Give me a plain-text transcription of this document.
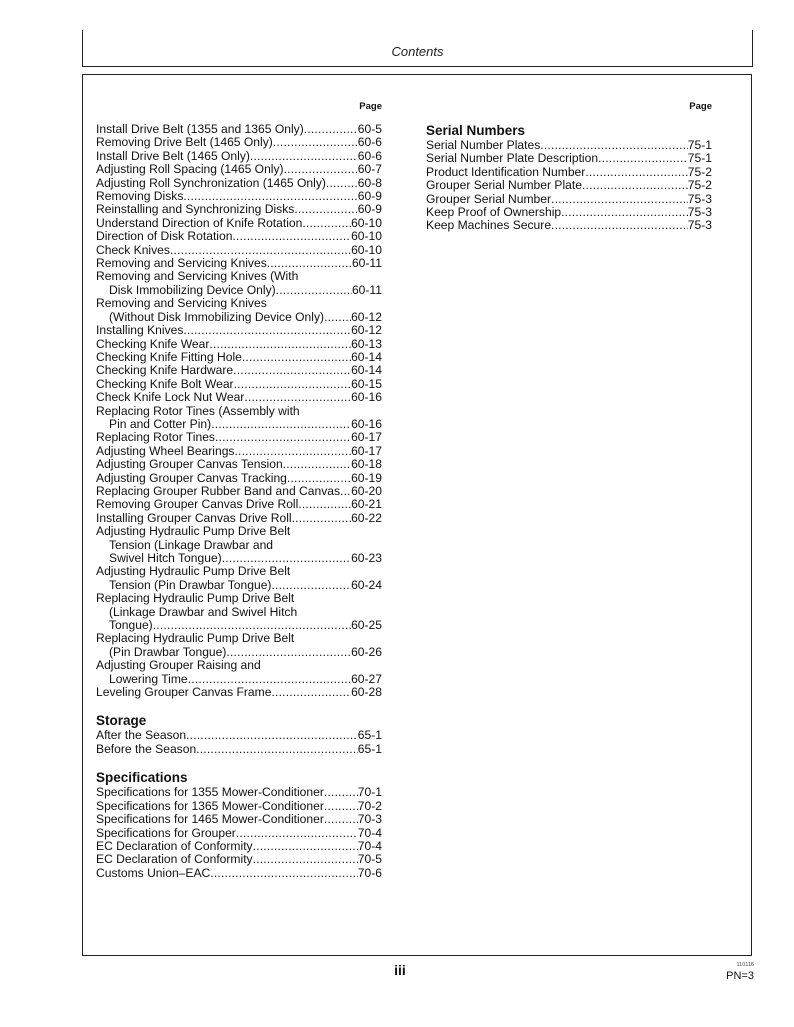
Contents
Page
Install Drive Belt (1355 and 1365 Only) .....	60-5
Removing Drive Belt (1465 Only) .....	60-6
Install Drive Belt (1465 Only) .....	60-6
Adjusting Roll Spacing (1465 Only) .....	60-7
Adjusting Roll Synchronization (1465 Only) .....	60-8
Removing Disks .....	60-9
Reinstalling and Synchronizing Disks .....	60-9
Understand Direction of Knife Rotation .....	60-10
Direction of Disk Rotation .....	60-10
Check Knives .....	60-10
Removing and Servicing Knives .....	60-11
Removing and Servicing Knives (With
Disk Immobilizing Device Only) .....	60-11
Removing and Servicing Knives
(Without Disk Immobilizing Device Only) ..... 60-12
Installing Knives .....	60-12
Checking Knife Wear .....	60-13
Checking Knife Fitting Hole .....	60-14
Checking Knife Hardware .....	60-14
Checking Knife Bolt Wear .....	60-15
Check Knife Lock Nut Wear .....	60-16
Replacing Rotor Tines (Assembly with
Pin and Cotter Pin) .....	60-16
Replacing Rotor Tines .....	60-17
Adjusting Wheel Bearings .....	60-17
Adjusting Grouper Canvas Tension .....	60-18
Adjusting Grouper Canvas Tracking .....	60-19
Replacing Grouper Rubber Band and Canvas ..... 60-20
Removing Grouper Canvas Drive Roll .....	60-21
Installing Grouper Canvas Drive Roll .....	60-22
Adjusting Hydraulic Pump Drive Belt
Tension (Linkage Drawbar and
Swivel Hitch Tongue) .....	60-23
Adjusting Hydraulic Pump Drive Belt
Tension (Pin Drawbar Tongue) .....	60-24
Replacing Hydraulic Pump Drive Belt
(Linkage Drawbar and Swivel Hitch
Tongue) .....	60-25
Replacing Hydraulic Pump Drive Belt
(Pin Drawbar Tongue) .....	60-26
Adjusting Grouper Raising and
Lowering Time .....	60-27
Leveling Grouper Canvas Frame .....	60-28
Storage
After the Season .....	65-1
Before the Season .....	65-1
Specifications
Specifications for 1355 Mower-Conditioner .....	70-1
Specifications for 1365 Mower-Conditioner .....	70-2
Specifications for 1465 Mower-Conditioner .....	70-3
Specifications for Grouper .....	70-4
EC Declaration of Conformity .....	70-4
EC Declaration of Conformity .....	70-5
Customs Union–EAC .....	70-6
Page
Serial Numbers
Serial Number Plates .....	75-1
Serial Number Plate Description .....	75-1
Product Identification Number .....	75-2
Grouper Serial Number Plate .....	75-2
Grouper Serial Number .....	75-3
Keep Proof of Ownership .....	75-3
Keep Machines Secure .....	75-3
iii	110116
PN=3
